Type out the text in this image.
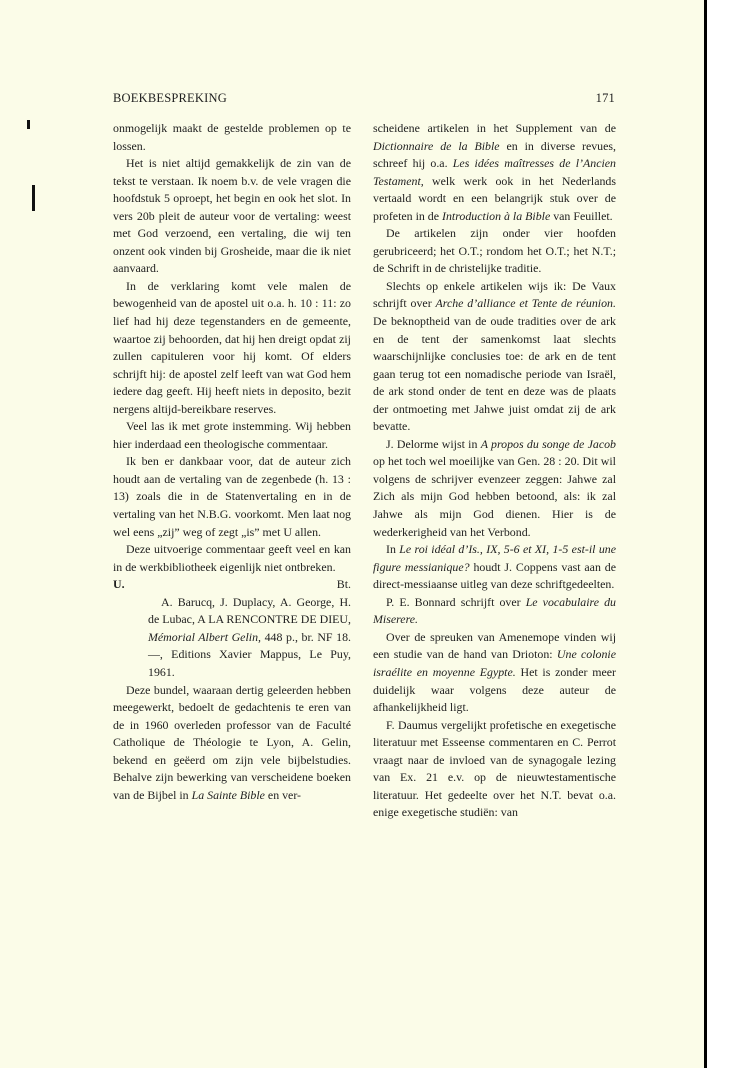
BOEKBESPREKING	171

onmogelijk maakt de gestelde problemen op te lossen.

Het is niet altijd gemakkelijk de zin van de tekst te verstaan. Ik noem b.v. de vele vragen die hoofdstuk 5 oproept, het begin en ook het slot. In vers 20b pleit de auteur voor de vertaling: weest met God verzoend, een vertaling, die wij ten onzent ook vinden bij Grosheide, maar die ik niet aanvaard.

In de verklaring komt vele malen de bewogenheid van de apostel uit o.a. h. 10 : 11: zo lief had hij deze tegenstanders en de gemeente, waartoe zij behoorden, dat hij hen dreigt opdat zij zullen capituleren voor hij komt. Of elders schrijft hij: de apostel zelf leeft van wat God hem iedere dag geeft. Hij heeft niets in deposito, bezit nergens altijd-bereikbare reserves.

Veel las ik met grote instemming. Wij hebben hier inderdaad een theologische commentaar.

Ik ben er dankbaar voor, dat de auteur zich houdt aan de vertaling van de zegenbede (h. 13 : 13) zoals die in de Statenvertaling en in de vertaling van het N.B.G. voorkomt. Men laat nog wel eens „zij” weg of zegt „is” met U allen.

Deze uitvoerige commentaar geeft veel en kan in de werkbibliotheek eigenlijk niet ontbreken.

U.	Bt.

A. Barucq, J. Duplacy, A. George, H. de Lubac, A LA RENCONTRE DE DIEU, Mémorial Albert Gelin, 448 p., br. NF 18.—, Editions Xavier Mappus, Le Puy, 1961.

Deze bundel, waaraan dertig geleerden hebben meegewerkt, bedoelt de gedachtenis te eren van de in 1960 overleden professor van de Faculté Catholique de Théologie te Lyon, A. Gelin, bekend en geëerd om zijn vele bijbelstudies. Behalve zijn bewerking van verscheidene boeken van de Bijbel in La Sainte Bible en ver-

scheidene artikelen in het Supplement van de Dictionnaire de la Bible en in diverse revues, schreef hij o.a. Les idées maîtresses de l’Ancien Testament, welk werk ook in het Nederlands vertaald wordt en een belangrijk stuk over de profeten in de Introduction à la Bible van Feuillet.

De artikelen zijn onder vier hoofden gerubriceerd; het O.T.; rondom het O.T.; het N.T.; de Schrift in de christelijke traditie.

Slechts op enkele artikelen wijs ik: De Vaux schrijft over Arche d’alliance et Tente de réunion. De beknoptheid van de oude tradities over de ark en de tent der samenkomst laat slechts waarschijnlijke conclusies toe: de ark en de tent gaan terug tot een nomadische periode van Israël, de ark stond onder de tent en deze was de plaats der ontmoeting met Jahwe juist omdat zij de ark bevatte.

J. Delorme wijst in A propos du songe de Jacob op het toch wel moeilijke van Gen. 28 : 20. Dit wil volgens de schrijver evenzeer zeggen: Jahwe zal Zich als mijn God hebben betoond, als: ik zal Jahwe als mijn God dienen. Hier is de wederkerigheid van het Verbond.

In Le roi idéal d’Is., IX, 5-6 et XI, 1-5 est-il une figure messianique? houdt J. Coppens vast aan de direct-messiaanse uitleg van deze schriftgedeelten.

P. E. Bonnard schrijft over Le vocabulaire du Miserere.

Over de spreuken van Amenemope vinden wij een studie van de hand van Drioton: Une colonie israélite en moyenne Egypte. Het is zonder meer duidelijk waar volgens deze auteur de afhankelijkheid ligt.

F. Daumus vergelijkt profetische en exegetische literatuur met Esseense commentaren en C. Perrot vraagt naar de invloed van de synagogale lezing van Ex. 21 e.v. op de nieuwtestamentische literatuur. Het gedeelte over het N.T. bevat o.a. enige exegetische studiën: van
